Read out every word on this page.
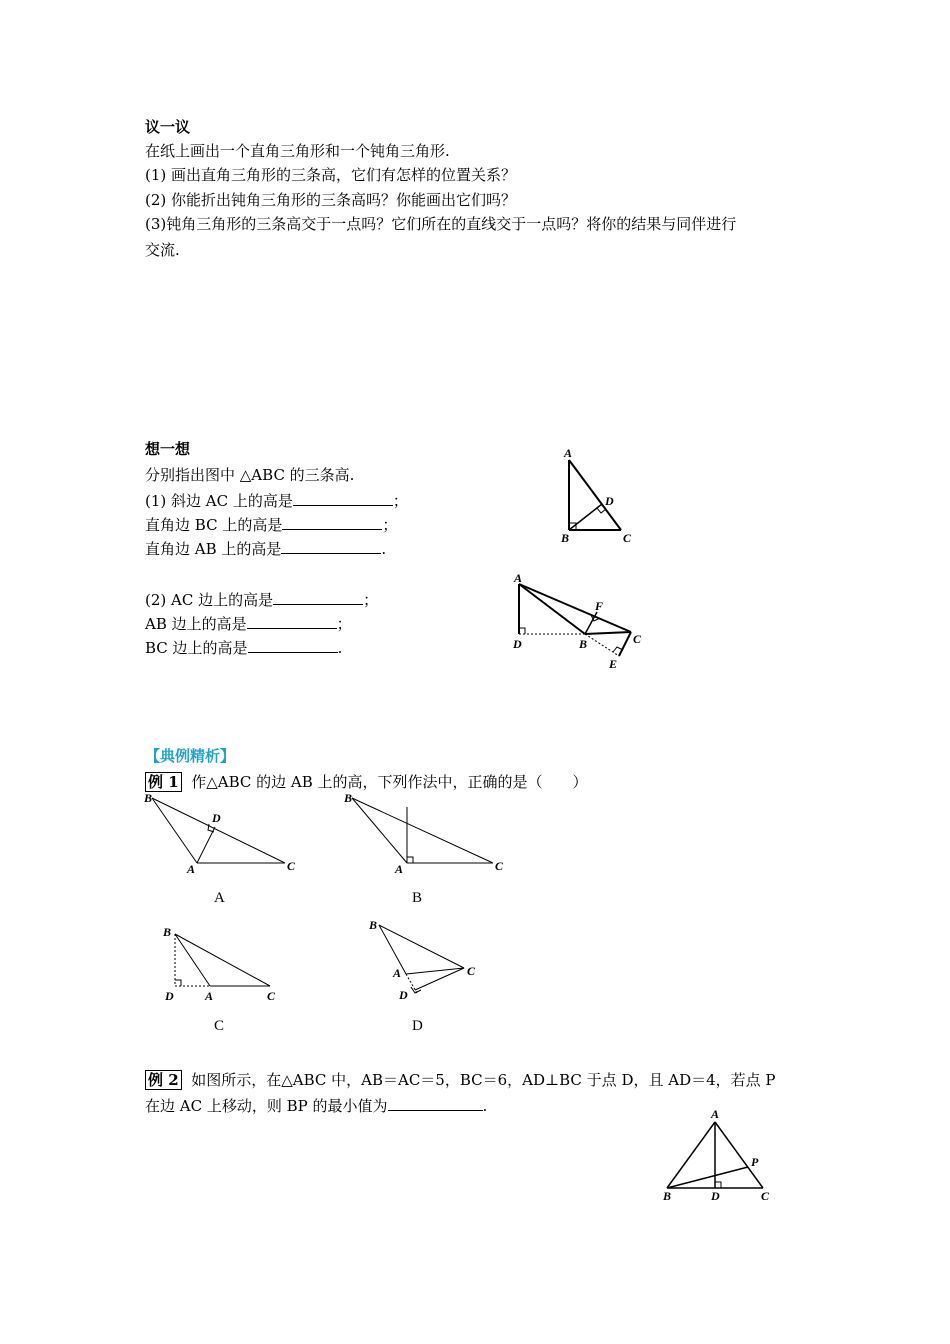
议一议
在纸上画出一个直角三角形和一个钝角三角形.
(1) 画出直角三角形的三条高，它们有怎样的位置关系？
(2) 你能折出钝角三角形的三条高吗？你能画出它们吗？
(3)钝角三角形的三条高交于一点吗？它们所在的直线交于一点吗？将你的结果与同伴进行
交流.
想一想
分别指出图中 △ABC 的三条高.
(1) 斜边 AC 上的高是	；
直角边 BC 上的高是	；
直角边 AB 上的高是	.
(2) AC 边上的高是	；
AB 边上的高是	；
BC 边上的高是	.
A
D
B	C
A
F
C
D	B
E
【典例精析】
例 1 作△ABC 的边 AB 上的高，下列作法中，正确的是（　　）
B
D
A	C
A
B
A	C
B
B
D	A	C
C
B
A	C
D
D
例 2 如图所示，在△ABC 中，AB＝AC＝5，BC＝6，AD⊥BC 于点 D，且 AD＝4，若点 P
在边 AC 上移动，则 BP 的最小值为	.	A
P
B	D	C
